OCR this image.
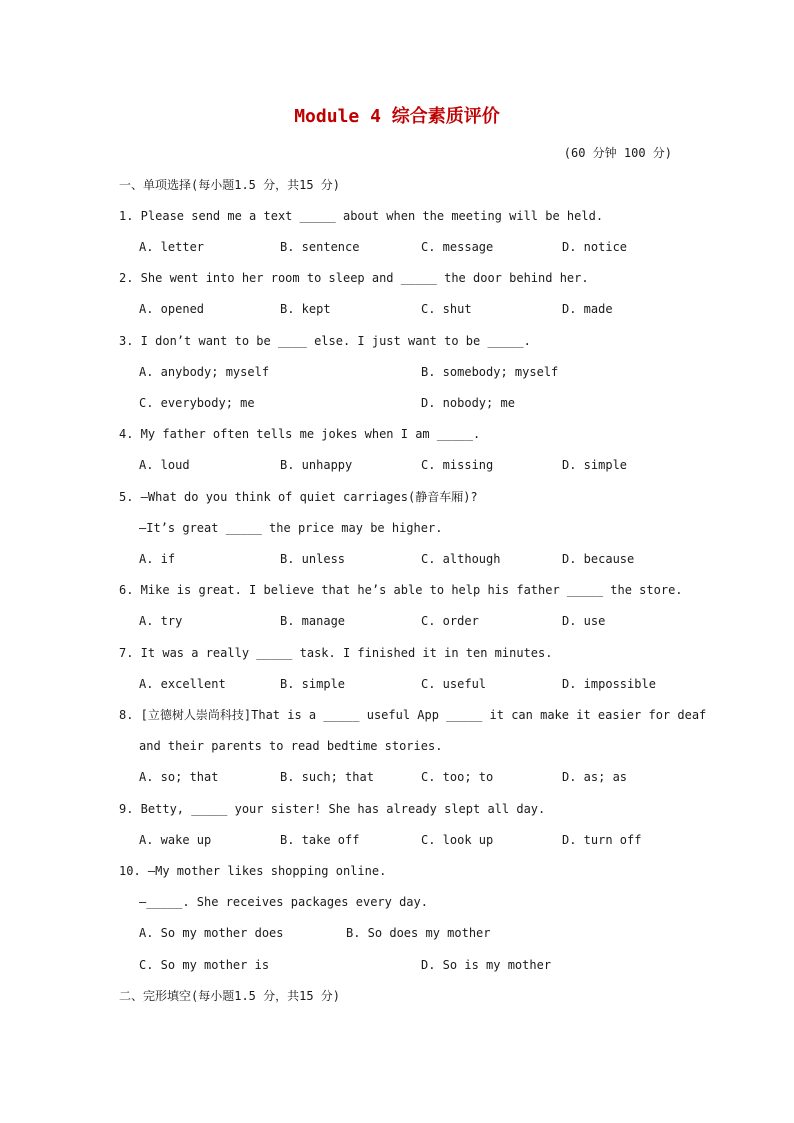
Module 4 综合素质评价
(60 分钟 100 分)
一、单项选择(每小题1.5 分，共15 分)
1. Please send me a text _____ about when the meeting will be held.
A. letter	B. sentence	C. message	D. notice
2. She went into her room to sleep and _____ the door behind her.
A. opened	B. kept	C. shut	D. made
3. I don’t want to be ____ else. I just want to be _____.
A. anybody; myself	B. somebody; myself
C. everybody; me	D. nobody; me
4. My father often tells me jokes when I am _____.
A. loud	B. unhappy	C. missing	D. simple
5. —What do you think of quiet carriages(静音车厢)?
—It’s great _____ the price may be higher.
A. if	B. unless	C. although	D. because
6. Mike is great. I believe that he’s able to help his father _____ the store.
A. try	B. manage	C. order	D. use
7. It was a really _____ task. I finished it in ten minutes.
A. excellent	B. simple	C. useful	D. impossible
8. [立德树人崇尚科技]That is a _____ useful App _____ it can make it easier for deaf
and their parents to read bedtime stories.
A. so; that	B. such; that	C. too; to	D. as; as
9. Betty, _____ your sister! She has already slept all day.
A. wake up	B. take off	C. look up	D. turn off
10. —My mother likes shopping online.
—_____. She receives packages every day.
A. So my mother does	B. So does my mother
C. So my mother is	D. So is my mother
二、完形填空(每小题1.5 分，共15 分)
